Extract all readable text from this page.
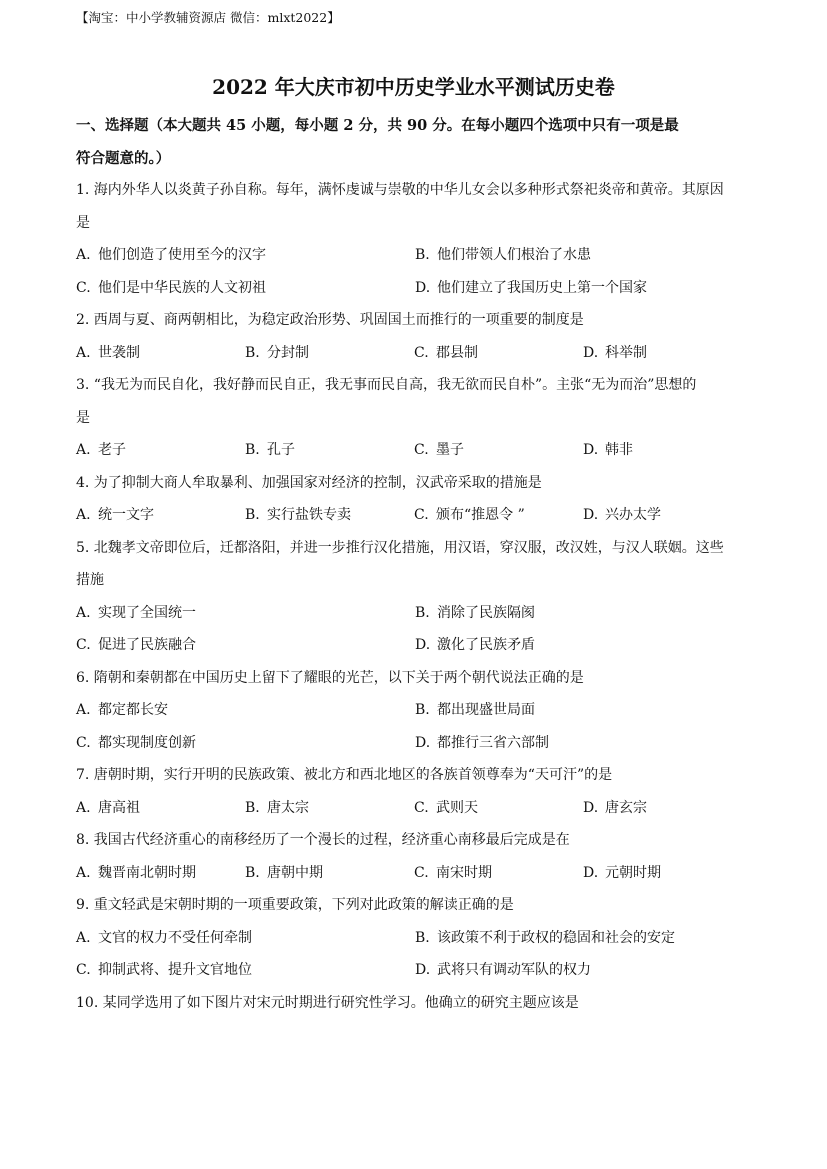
【淘宝：中小学教辅资源店 微信：mlxt2022】
2022 年大庆市初中历史学业水平测试历史卷
一、选择题（本大题共 45 小题，每小题 2 分，共 90 分。在每小题四个选项中只有一项是最
符合题意的。）
1. 海内外华人以炎黄子孙自称。每年，满怀虔诚与崇敬的中华儿女会以多种形式祭祀炎帝和黄帝。其原因
是
A. 他们创造了使用至今的汉字	B. 他们带领人们根治了水患
C. 他们是中华民族的人文初祖	D. 他们建立了我国历史上第一个国家
2. 西周与夏、商两朝相比，为稳定政治形势、巩固国土而推行的一项重要的制度是
A. 世袭制	B. 分封制	C. 郡县制	D. 科举制
3. “我无为而民自化，我好静而民自正，我无事而民自高，我无欲而民自朴”。主张“无为而治”思想的
是
A. 老子	B. 孔子	C. 墨子	D. 韩非
4. 为了抑制大商人牟取暴利、加强国家对经济的控制，汉武帝采取的措施是
A. 统一文字	B. 实行盐铁专卖	C. 颁布“推恩令 ”	D. 兴办太学
5. 北魏孝文帝即位后，迁都洛阳，并进一步推行汉化措施，用汉语，穿汉服，改汉姓，与汉人联姻。这些
措施
A. 实现了全国统一	B. 消除了民族隔阂
C. 促进了民族融合	D. 激化了民族矛盾
6. 隋朝和秦朝都在中国历史上留下了耀眼的光芒，以下关于两个朝代说法正确的是
A. 都定都长安	B. 都出现盛世局面
C. 都实现制度创新	D. 都推行三省六部制
7. 唐朝时期，实行开明的民族政策、被北方和西北地区的各族首领尊奉为“天可汗”的是
A. 唐高祖	B. 唐太宗	C. 武则天	D. 唐玄宗
8. 我国古代经济重心的南移经历了一个漫长的过程，经济重心南移最后完成是在
A. 魏晋南北朝时期	B. 唐朝中期	C. 南宋时期	D. 元朝时期
9. 重文轻武是宋朝时期的一项重要政策，下列对此政策的解读正确的是
A. 文官的权力不受任何牵制	B. 该政策不利于政权的稳固和社会的安定
C. 抑制武将、提升文官地位	D. 武将只有调动军队的权力
10. 某同学选用了如下图片对宋元时期进行研究性学习。他确立的研究主题应该是
